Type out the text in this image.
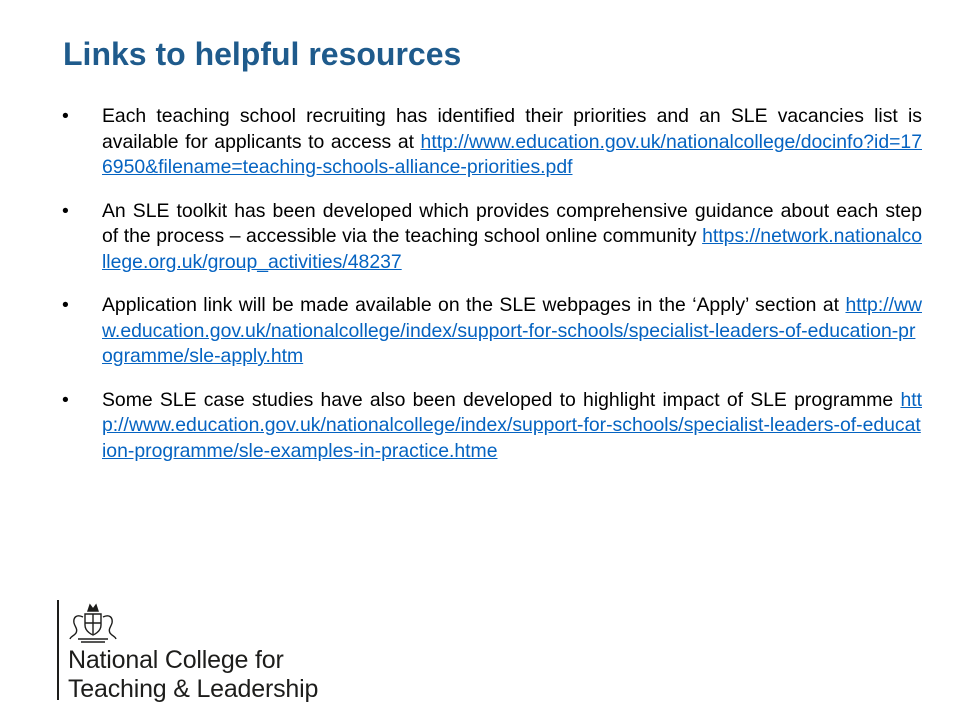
Links to helpful resources
• Each teaching school recruiting has identified their priorities and an SLE vacancies list is available for applicants to access at http://www.education.gov.uk/nationalcollege/docinfo?id=176950&filename=teaching-schools-alliance-priorities.pdf
• An SLE toolkit has been developed which provides comprehensive guidance about each step of the process – accessible via the teaching school online community https://network.nationalcollege.org.uk/group_activities/48237
• Application link will be made available on the SLE webpages in the ‘Apply’ section at http://www.education.gov.uk/nationalcollege/index/support-for-schools/specialist-leaders-of-education-programme/sle-apply.htm
• Some SLE case studies have also been developed to highlight impact of SLE programme http://www.education.gov.uk/nationalcollege/index/support-for-schools/specialist-leaders-of-education-programme/sle-examples-in-practice.htme
National College for
Teaching & Leadership
